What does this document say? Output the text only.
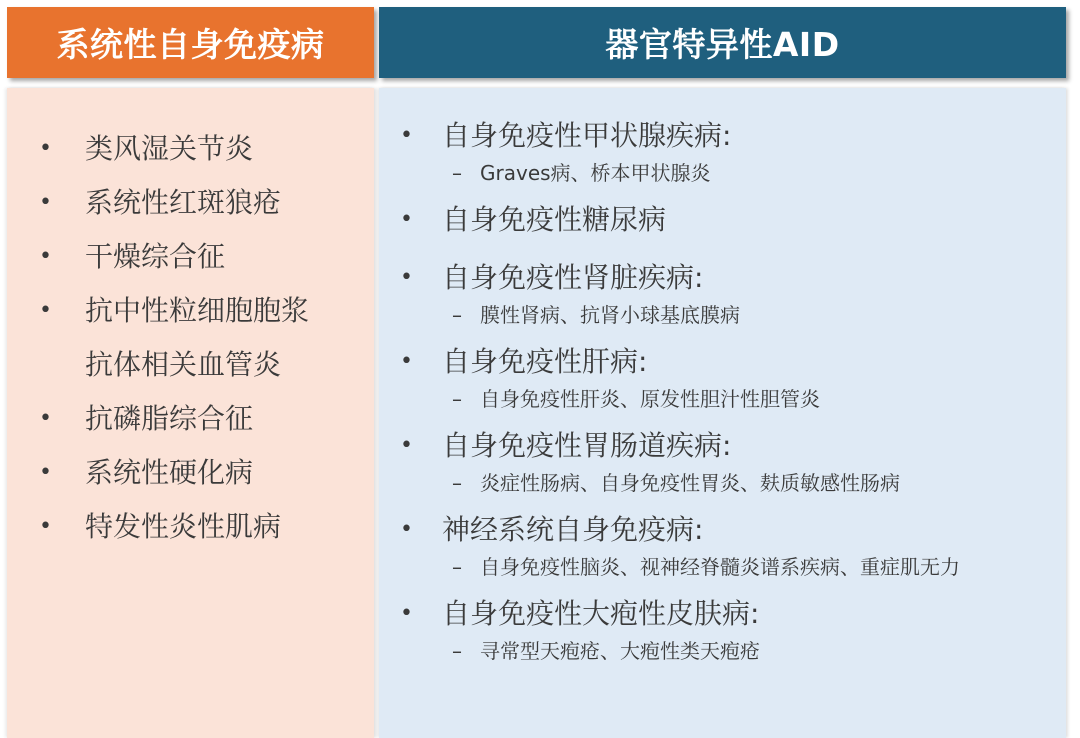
系统性自身免疫病	器官特异性AID
• 类风湿关节炎
• 系统性红斑狼疮
• 干燥综合征
• 抗中性粒细胞胞浆
抗体相关血管炎
• 抗磷脂综合征
• 系统性硬化病
• 特发性炎性肌病
• 自身免疫性甲状腺疾病:
– Graves病、桥本甲状腺炎
• 自身免疫性糖尿病
• 自身免疫性肾脏疾病:
– 膜性肾病、抗肾小球基底膜病
• 自身免疫性肝病:
– 自身免疫性肝炎、原发性胆汁性胆管炎
• 自身免疫性胃肠道疾病:
– 炎症性肠病、自身免疫性胃炎、麸质敏感性肠病
• 神经系统自身免疫病:
– 自身免疫性脑炎、视神经脊髓炎谱系疾病、重症肌无力
• 自身免疫性大疱性皮肤病:
– 寻常型天疱疮、大疱性类天疱疮
